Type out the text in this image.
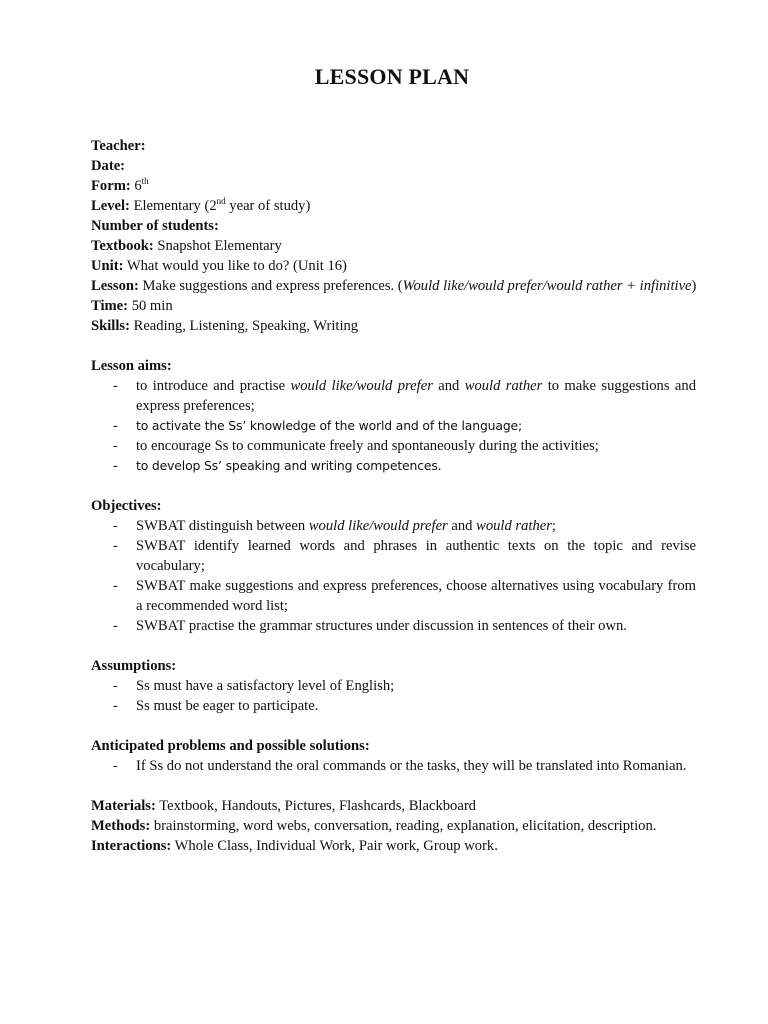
LESSON PLAN
Teacher:
Date:
Form: 6th
Level: Elementary (2nd year of study)
Number of students:
Textbook: Snapshot Elementary
Unit: What would you like to do? (Unit 16)
Lesson: Make suggestions and express preferences. (Would like/would prefer/would rather + infinitive)
Time: 50 min
Skills: Reading, Listening, Speaking, Writing
Lesson aims:
- to introduce and practise would like/would prefer and would rather to make suggestions and express preferences;
- to activate the Ss’ knowledge of the world and of the language;
- to encourage Ss to communicate freely and spontaneously during the activities;
- to develop Ss’ speaking and writing competences.
Objectives:
- SWBAT distinguish between would like/would prefer and would rather;
- SWBAT identify learned words and phrases in authentic texts on the topic and revise vocabulary;
- SWBAT make suggestions and express preferences, choose alternatives using vocabulary from a recommended word list;
- SWBAT practise the grammar structures under discussion in sentences of their own.
Assumptions:
- Ss must have a satisfactory level of English;
- Ss must be eager to participate.
Anticipated problems and possible solutions:
- If Ss do not understand the oral commands or the tasks, they will be translated into Romanian.
Materials: Textbook, Handouts, Pictures, Flashcards, Blackboard
Methods: brainstorming, word webs, conversation, reading, explanation, elicitation, description.
Interactions: Whole Class, Individual Work, Pair work, Group work.
